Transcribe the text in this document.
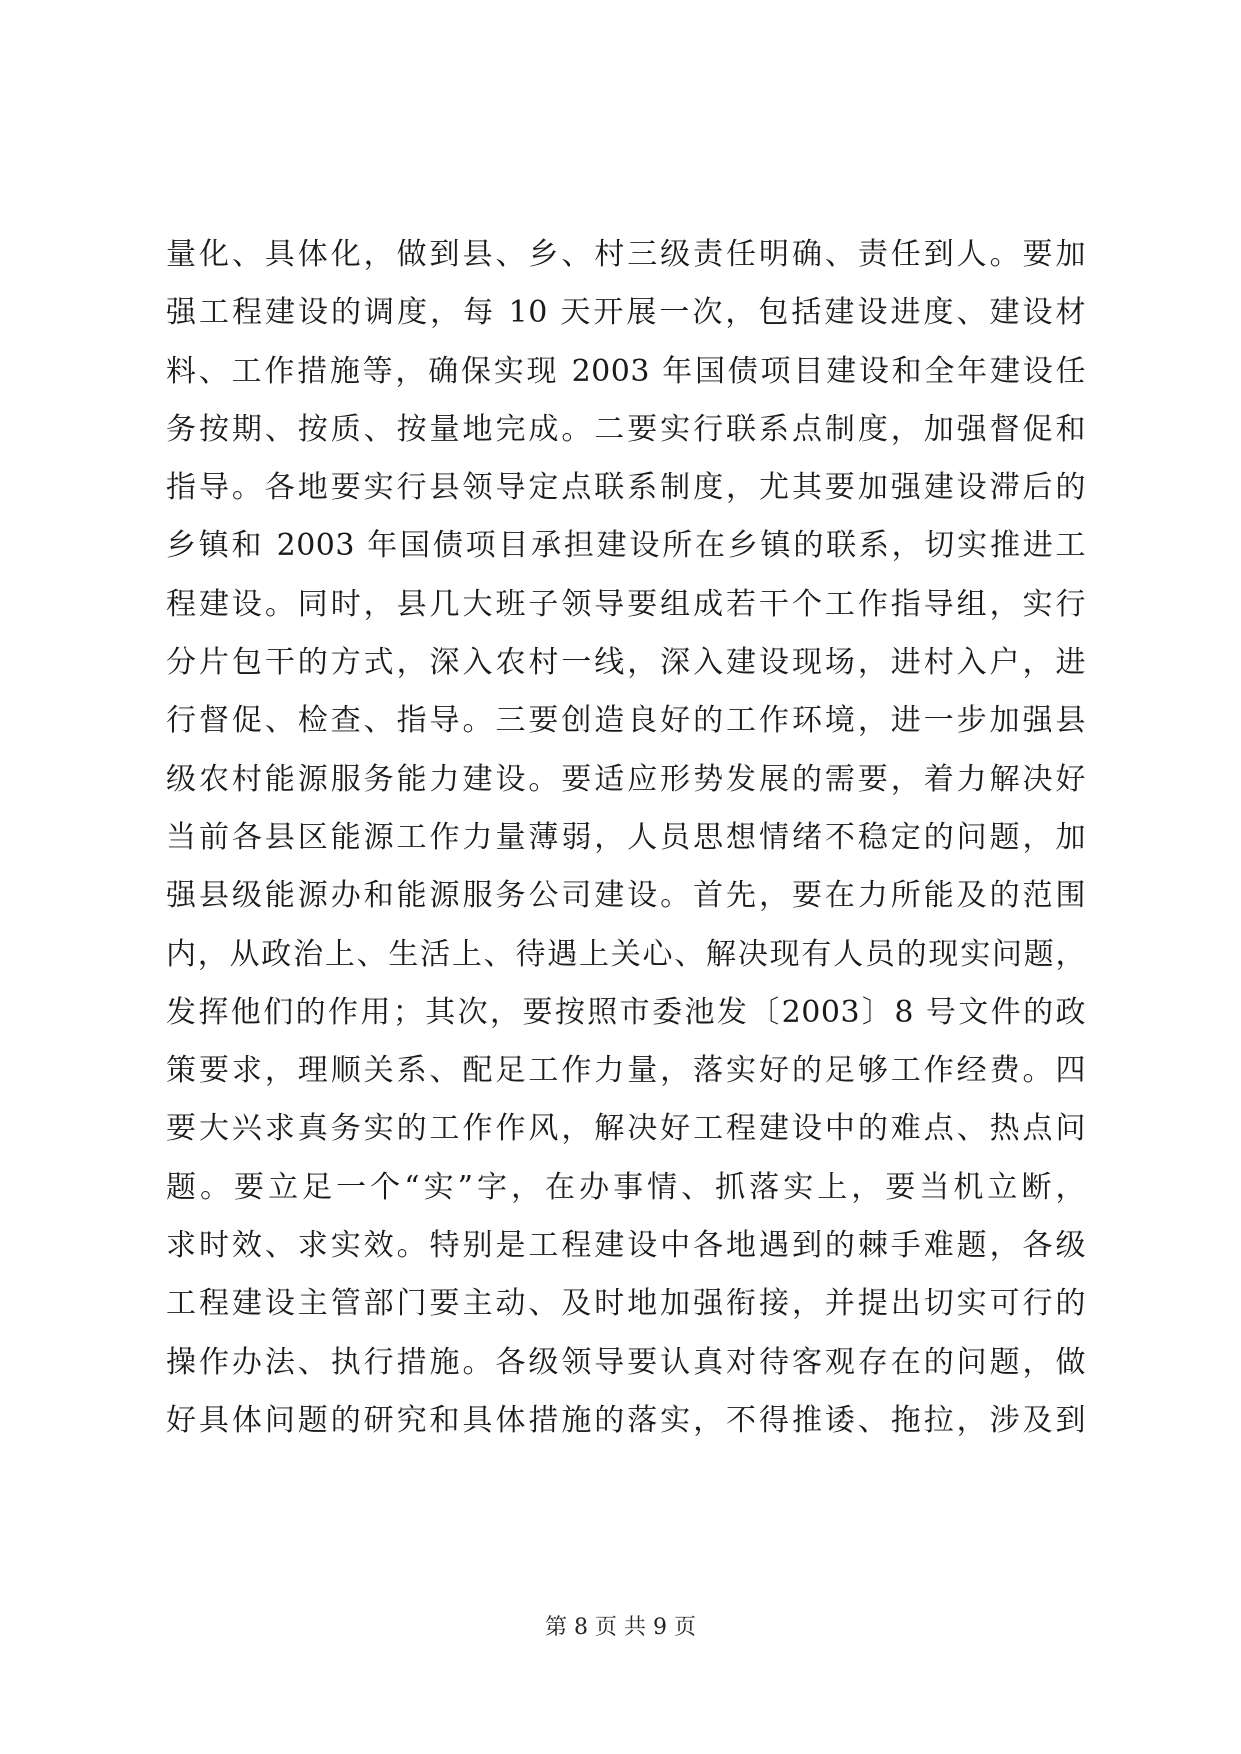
量化、具体化，做到县、乡、村三级责任明确、责任到人。要加
强工程建设的调度，每 10 天开展一次，包括建设进度、建设材
料、工作措施等，确保实现 2003 年国债项目建设和全年建设任
务按期、按质、按量地完成。二要实行联系点制度，加强督促和
指导。各地要实行县领导定点联系制度，尤其要加强建设滞后的
乡镇和 2003 年国债项目承担建设所在乡镇的联系，切实推进工
程建设。同时，县几大班子领导要组成若干个工作指导组，实行
分片包干的方式，深入农村一线，深入建设现场，进村入户，进
行督促、检查、指导。三要创造良好的工作环境，进一步加强县
级农村能源服务能力建设。要适应形势发展的需要，着力解决好
当前各县区能源工作力量薄弱，人员思想情绪不稳定的问题，加
强县级能源办和能源服务公司建设。首先，要在力所能及的范围
内，从政治上、生活上、待遇上关心、解决现有人员的现实问题，
发挥他们的作用；其次，要按照市委池发〔2003〕8 号文件的政
策要求，理顺关系、配足工作力量，落实好的足够工作经费。四
要大兴求真务实的工作作风，解决好工程建设中的难点、热点问
题。要立足一个“实”字，在办事情、抓落实上，要当机立断，
求时效、求实效。特别是工程建设中各地遇到的棘手难题，各级
工程建设主管部门要主动、及时地加强衔接，并提出切实可行的
操作办法、执行措施。各级领导要认真对待客观存在的问题，做
好具体问题的研究和具体措施的落实，不得推诿、拖拉，涉及到
第 8 页 共 9 页
